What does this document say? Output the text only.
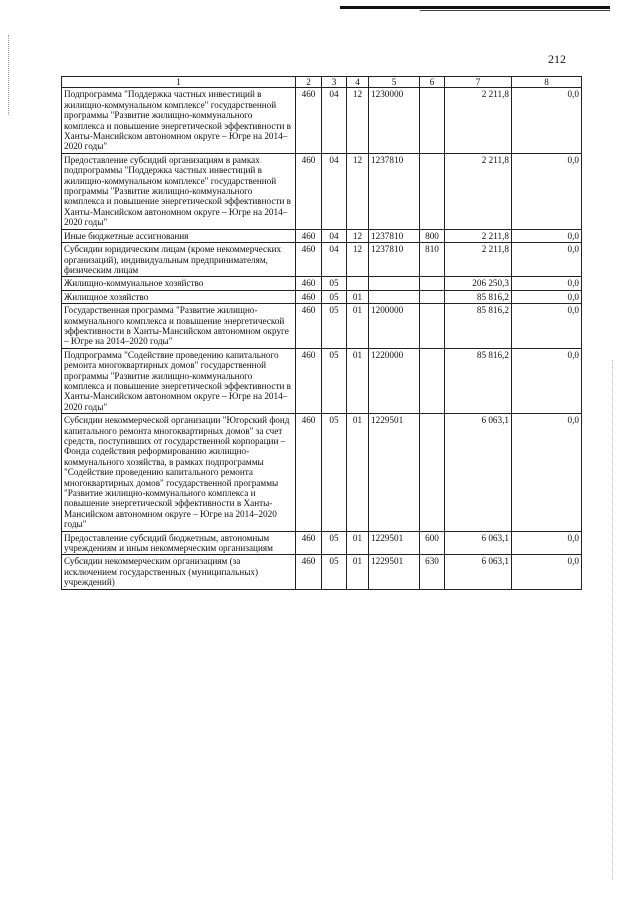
212
1	2	3	4	5	6	7	8
Подпрограмма "Поддержка частных инвестиций в жилищно-коммунальном комплексе" государственной программы "Развитие жилищно-коммунального комплекса и повышение энергетической эффективности в Ханты-Мансийском автономном округе – Югре на 2014–2020 годы"	460	04	12	1230000		2 211,8	0,0
Предоставление субсидий организациям в рамках подпрограммы "Поддержка частных инвестиций в жилищно-коммунальном комплексе" государственной программы "Развитие жилищно-коммунального комплекса и повышение энергетической эффективности в Ханты-Мансийском автономном округе – Югре на 2014–2020 годы"	460	04	12	1237810		2 211,8	0,0
Иные бюджетные ассигнования	460	04	12	1237810	800	2 211,8	0,0
Субсидии юридическим лицам (кроме некоммерческих организаций), индивидуальным предпринимателям, физическим лицам	460	04	12	1237810	810	2 211,8	0,0
Жилищно-коммунальное хозяйство	460	05				206 250,3	0,0
Жилищное хозяйство	460	05	01			85 816,2	0,0
Государственная программа "Развитие жилищно-коммунального комплекса и повышение энергетической эффективности в Ханты-Мансийском автономном округе – Югре на 2014–2020 годы"	460	05	01	1200000		85 816,2	0,0
Подпрограмма "Содействие проведению капитального ремонта многоквартирных домов" государственной программы "Развитие жилищно-коммунального комплекса и повышение энергетической эффективности в Ханты-Мансийском автономном округе – Югре на 2014–2020 годы"	460	05	01	1220000		85 816,2	0,0
Субсидии некоммерческой организации "Югорский фонд капитального ремонта многоквартирных домов" за счет средств, поступивших от государственной корпорации – Фонда содействия реформированию жилищно-коммунального хозяйства, в рамках подпрограммы "Содействие проведению капитального ремонта многоквартирных домов" государственной программы "Развитие жилищно-коммунального комплекса и повышение энергетической эффективности в Ханты-Мансийском автономном округе – Югре на 2014–2020 годы"	460	05	01	1229501		6 063,1	0,0
Предоставление субсидий бюджетным, автономным учреждениям и иным некоммерческим организациям	460	05	01	1229501	600	6 063,1	0,0
Субсидии некоммерческим организациям (за исключением государственных (муниципальных) учреждений)	460	05	01	1229501	630	6 063,1	0,0
